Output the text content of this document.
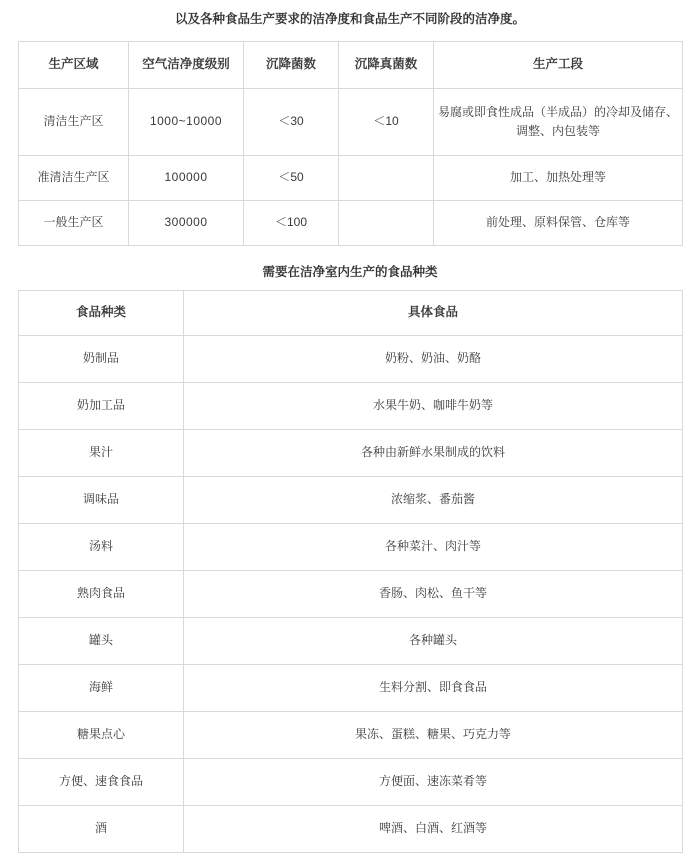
以及各种食品生产要求的洁净度和食品生产不同阶段的洁净度。
生产区域	空气洁净度级别	沉降菌数	沉降真菌数	生产工段
清洁生产区	1000~10000	＜30	＜10	易腐或即食性成品（半成品）的冷却及储存、调整、内包装等
准清洁生产区	100000	＜50		加工、加热处理等
一般生产区	300000	＜100		前处理、原料保管、仓库等
需要在洁净室内生产的食品种类
食品种类	具体食品
奶制品	奶粉、奶油、奶酪
奶加工品	水果牛奶、咖啡牛奶等
果汁	各种由新鲜水果制成的饮料
调味品	浓缩浆、番茄酱
汤料	各种菜汁、肉汁等
熟肉食品	香肠、肉松、鱼干等
罐头	各种罐头
海鲜	生料分割、即食食品
糖果点心	果冻、蛋糕、糖果、巧克力等
方便、速食食品	方便面、速冻菜肴等
酒	啤酒、白酒、红酒等
